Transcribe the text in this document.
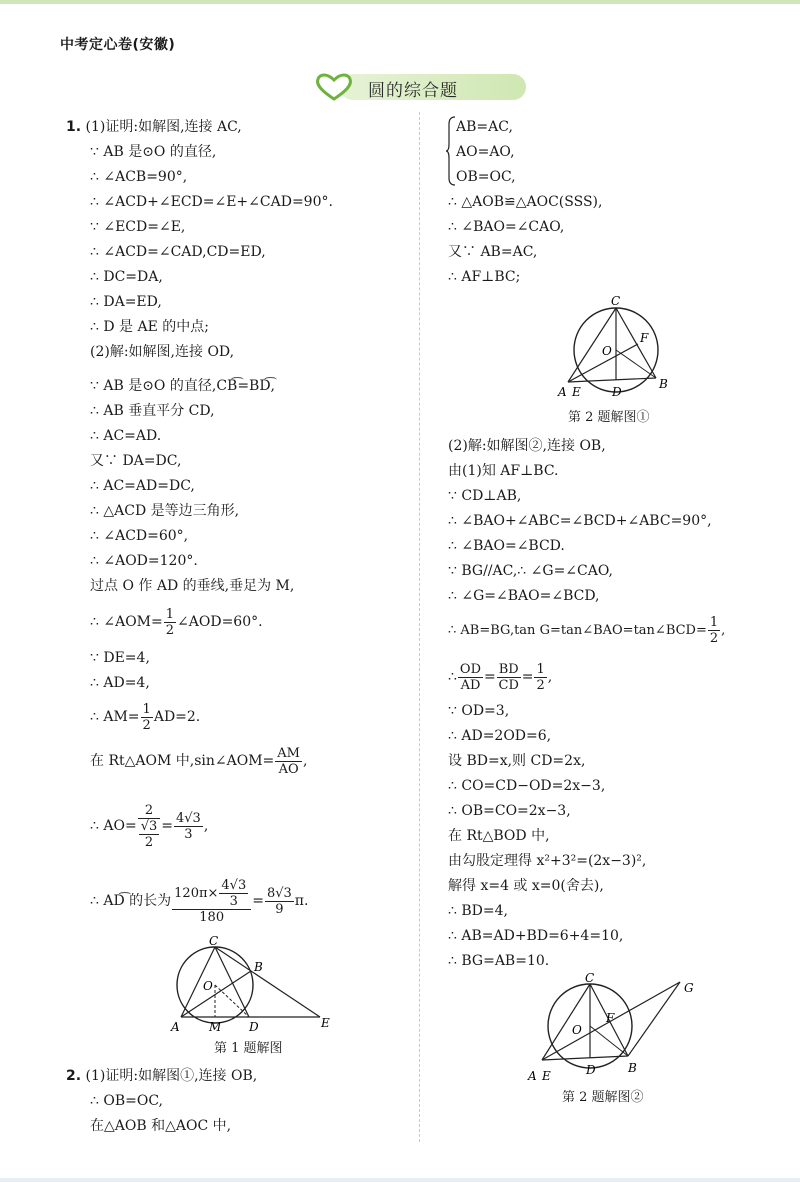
中考定心卷(安徽)
圆的综合题
1. (1)证明:如解图,连接 AC,
∵ AB 是⊙O 的直径,
∴ ∠ACB=90°,
∴ ∠ACD+∠ECD=∠E+∠CAD=90°.
∵ ∠ECD=∠E,
∴ ∠ACD=∠CAD,CD=ED,
∴ DC=DA,
∴ DA=ED,
∴ D 是 AE 的中点;
(2)解:如解图,连接 OD,
∵ AB 是⊙O 的直径,CB͡=BD͡,
∴ AB 垂直平分 CD,
∴ AC=AD.
又∵ DA=DC,
∴ AC=AD=DC,
∴ △ACD 是等边三角形,
∴ ∠ACD=60°,
∴ ∠AOD=120°.
过点 O 作 AD 的垂线,垂足为 M,
∴ ∠AOM= $\frac{1}{2}$ ∠AOD=60°.
∵ DE=4,
∴ AD=4,
∴ $AM= \frac{1}{2} AD=2$.
在 Rt△AOM 中,sin∠AOM= $\frac{AM}{AO}$ ,
∴ $AO= \frac{2}{\frac{√3}{2}} = \frac{4√3}{3}$ ,
∴ AD͡ 的长为 $\frac{120\pi\times \frac{4√3}{3}}{180} = \frac{8√3}{9} \pi$.
C
B
O
A M D	E
第 1 题解图
2. (1)证明:如解图①,连接 OB,
∴ OB=OC,
在△AOB 和△AOC 中,
AB=AC,
AO=AO,
OB=OC,
∴ △AOB≌△AOC(SSS),
∴ ∠BAO=∠CAO,
又∵ AB=AC,
∴ AF⊥BC;
C
F
O
A E	D
B
第 2 题解图①
(2)解:如解图②,连接 OB,
由(1)知 AF⊥BC.
∵ CD⊥AB,
∴ ∠BAO+∠ABC=∠BCD+∠ABC=90°,
∴ ∠BAO=∠BCD.
∵ BG//AC,∴ ∠G=∠CAO,
∴ ∠G=∠BAO=∠BCD,
∴ AB=BG,tan G=tan∠BAO=tan∠BCD= $\frac{1}{2}$ ,
∴ $\frac{OD}{AD} = \frac{BD}{CD} = \frac{1}{2}$ ,
∵ OD=3,
∴ AD=2OD=6,
设 BD=x,则 CD=2x,
∴ CO=CD−OD=2x−3,
∴ OB=CO=2x−3,
在 Rt△BOD 中,
由勾股定理得 x²+3²=(2x−3)²,
解得 x=4 或 x=0(舍去),
∴ BD=4,
∴ AB=AD+BD=6+4=10,
∴ BG=AB=10.
C
G
F
O
A E	D	B
第 2 题解图②
